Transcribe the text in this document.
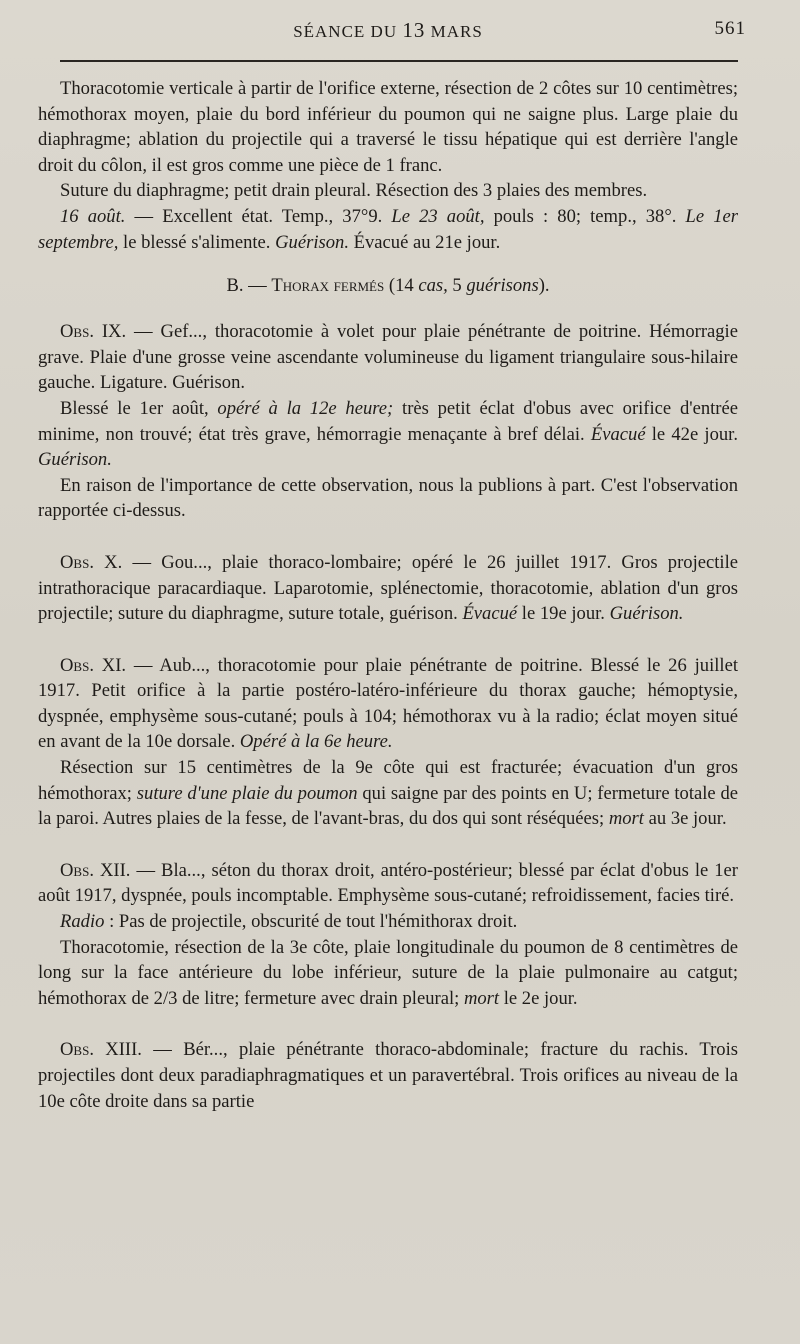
SÉANCE DU 13 MARS	561

Thoracotomie verticale à partir de l'orifice externe, résection de 2 côtes sur 10 centimètres; hémothorax moyen, plaie du bord inférieur du poumon qui ne saigne plus. Large plaie du diaphragme; ablation du projectile qui a traversé le tissu hépatique qui est derrière l'angle droit du côlon, il est gros comme une pièce de 1 franc.

Suture du diaphragme; petit drain pleural. Résection des 3 plaies des membres.

16 août. — Excellent état. Temp., 37°9. Le 23 août, pouls : 80; temp., 38°. Le 1er septembre, le blessé s'alimente. Guérison. Évacué au 21e jour.

B. — Thorax fermés (14 cas, 5 guérisons).

Obs. IX. — Gef..., thoracotomie à volet pour plaie pénétrante de poitrine. Hémorragie grave. Plaie d'une grosse veine ascendante volumineuse du ligament triangulaire sous-hilaire gauche. Ligature. Guérison.

Blessé le 1er août, opéré à la 12e heure; très petit éclat d'obus avec orifice d'entrée minime, non trouvé; état très grave, hémorragie menaçante à bref délai. Évacué le 42e jour. Guérison.

En raison de l'importance de cette observation, nous la publions à part. C'est l'observation rapportée ci-dessus.

Obs. X. — Gou..., plaie thoraco-lombaire; opéré le 26 juillet 1917. Gros projectile intrathoracique paracardiaque. Laparotomie, splénectomie, thoracotomie, ablation d'un gros projectile; suture du diaphragme, suture totale, guérison. Évacué le 19e jour. Guérison.

Obs. XI. — Aub..., thoracotomie pour plaie pénétrante de poitrine. Blessé le 26 juillet 1917. Petit orifice à la partie postéro-latéro-inférieure du thorax gauche; hémoptysie, dyspnée, emphysème sous-cutané; pouls à 104; hémothorax vu à la radio; éclat moyen situé en avant de la 10e dorsale. Opéré à la 6e heure.

Résection sur 15 centimètres de la 9e côte qui est fracturée; évacuation d'un gros hémothorax; suture d'une plaie du poumon qui saigne par des points en U; fermeture totale de la paroi. Autres plaies de la fesse, de l'avant-bras, du dos qui sont réséquées; mort au 3e jour.

Obs. XII. — Bla..., séton du thorax droit, antéro-postérieur; blessé par éclat d'obus le 1er août 1917, dyspnée, pouls incomptable. Emphysème sous-cutané; refroidissement, facies tiré.

Radio : Pas de projectile, obscurité de tout l'hémithorax droit.

Thoracotomie, résection de la 3e côte, plaie longitudinale du poumon de 8 centimètres de long sur la face antérieure du lobe inférieur, suture de la plaie pulmonaire au catgut; hémothorax de 2/3 de litre; fermeture avec drain pleural; mort le 2e jour.

Obs. XIII. — Bér..., plaie pénétrante thoraco-abdominale; fracture du rachis. Trois projectiles dont deux paradiaphragmatiques et un paravertébral. Trois orifices au niveau de la 10e côte droite dans sa partie
